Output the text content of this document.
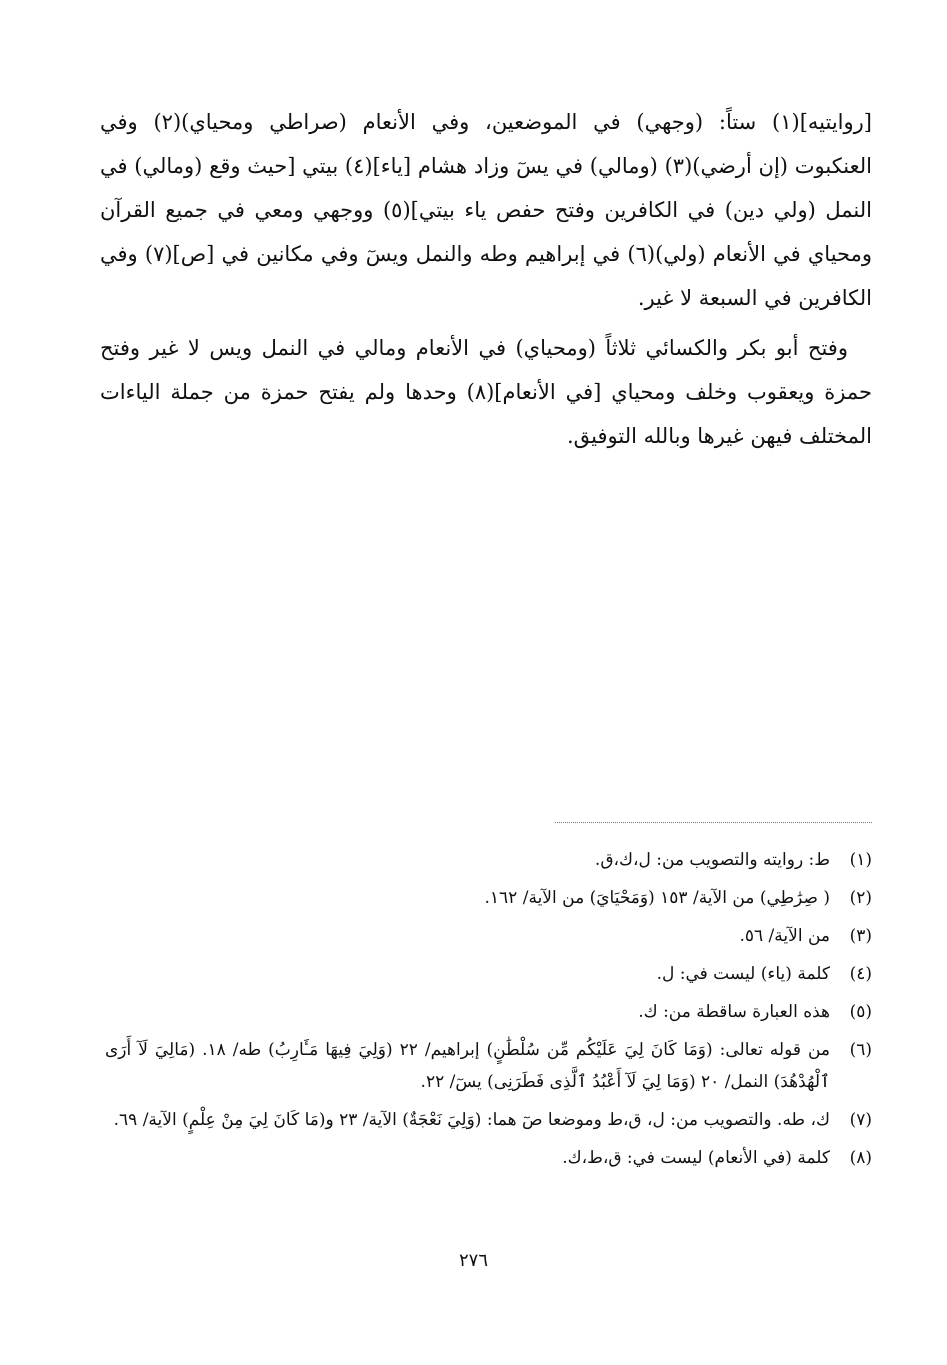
[روايتيه](١) ستاً: (وجهي) في الموضعين، وفي الأنعام (صراطي ومحياي)(٢) وفي العنكبوت (إن أرضي)(٣) (ومالي) في يسٓ وزاد هشام [ياء](٤) بيتي [حيث وقع (ومالي) في النمل (ولي دين) في الكافرين وفتح حفص ياء بيتي](٥) ووجهي ومعي في جميع القرآن ومحياي في الأنعام (ولي)(٦) في إبراهيم وطه والنمل ويسٓ وفي مكانين في [ص](٧) وفي الكافرين في السبعة لا غير.

وفتح أبو بكر والكسائي ثلاثاً (ومحياي) في الأنعام ومالي في النمل ويس لا غير وفتح حمزة ويعقوب وخلف ومحياي [في الأنعام](٨) وحدها ولم يفتح حمزة من جملة الياءات المختلف فيهن غيرها وبالله التوفيق.

(١)
ط: روايته والتصويب من: ل،ك،ق.
(٢)
( صِرَٰطِي) من الآية/ ١٥٣ (وَمَحْيَايَ) من الآية/ ١٦٢.
(٣)
من الآية/ ٥٦.
(٤)
كلمة (ياء) ليست في: ل.
(٥)
هذه العبارة ساقطة من: ك.
(٦)
من قوله تعالى: (وَمَا كَانَ لِيَ عَلَيْكُم مِّن سُلْطَٰنٍ) إبراهيم/ ٢٢ (وَلِيَ فِيهَا مَـَٔارِبُ) طه/ ١٨. (مَالِيَ لَآ أَرَى ٱلْهُدْهُدَ) النمل/ ٢٠ (وَمَا لِيَ لَآ أَعْبُدُ ٱلَّذِى فَطَرَنِى) يسٓ/ ٢٢.
(٧)
ك، طه. والتصويب من: ل، ق،ط وموضعا صٓ هما: (وَلِيَ نَعْجَةٌ) الآية/ ٢٣ و(مَا كَانَ لِيَ مِنْ عِلْمٍ) الآية/ ٦٩.
(٨)
كلمة (في الأنعام) ليست في: ق،ط،ك.
٢٧٦
